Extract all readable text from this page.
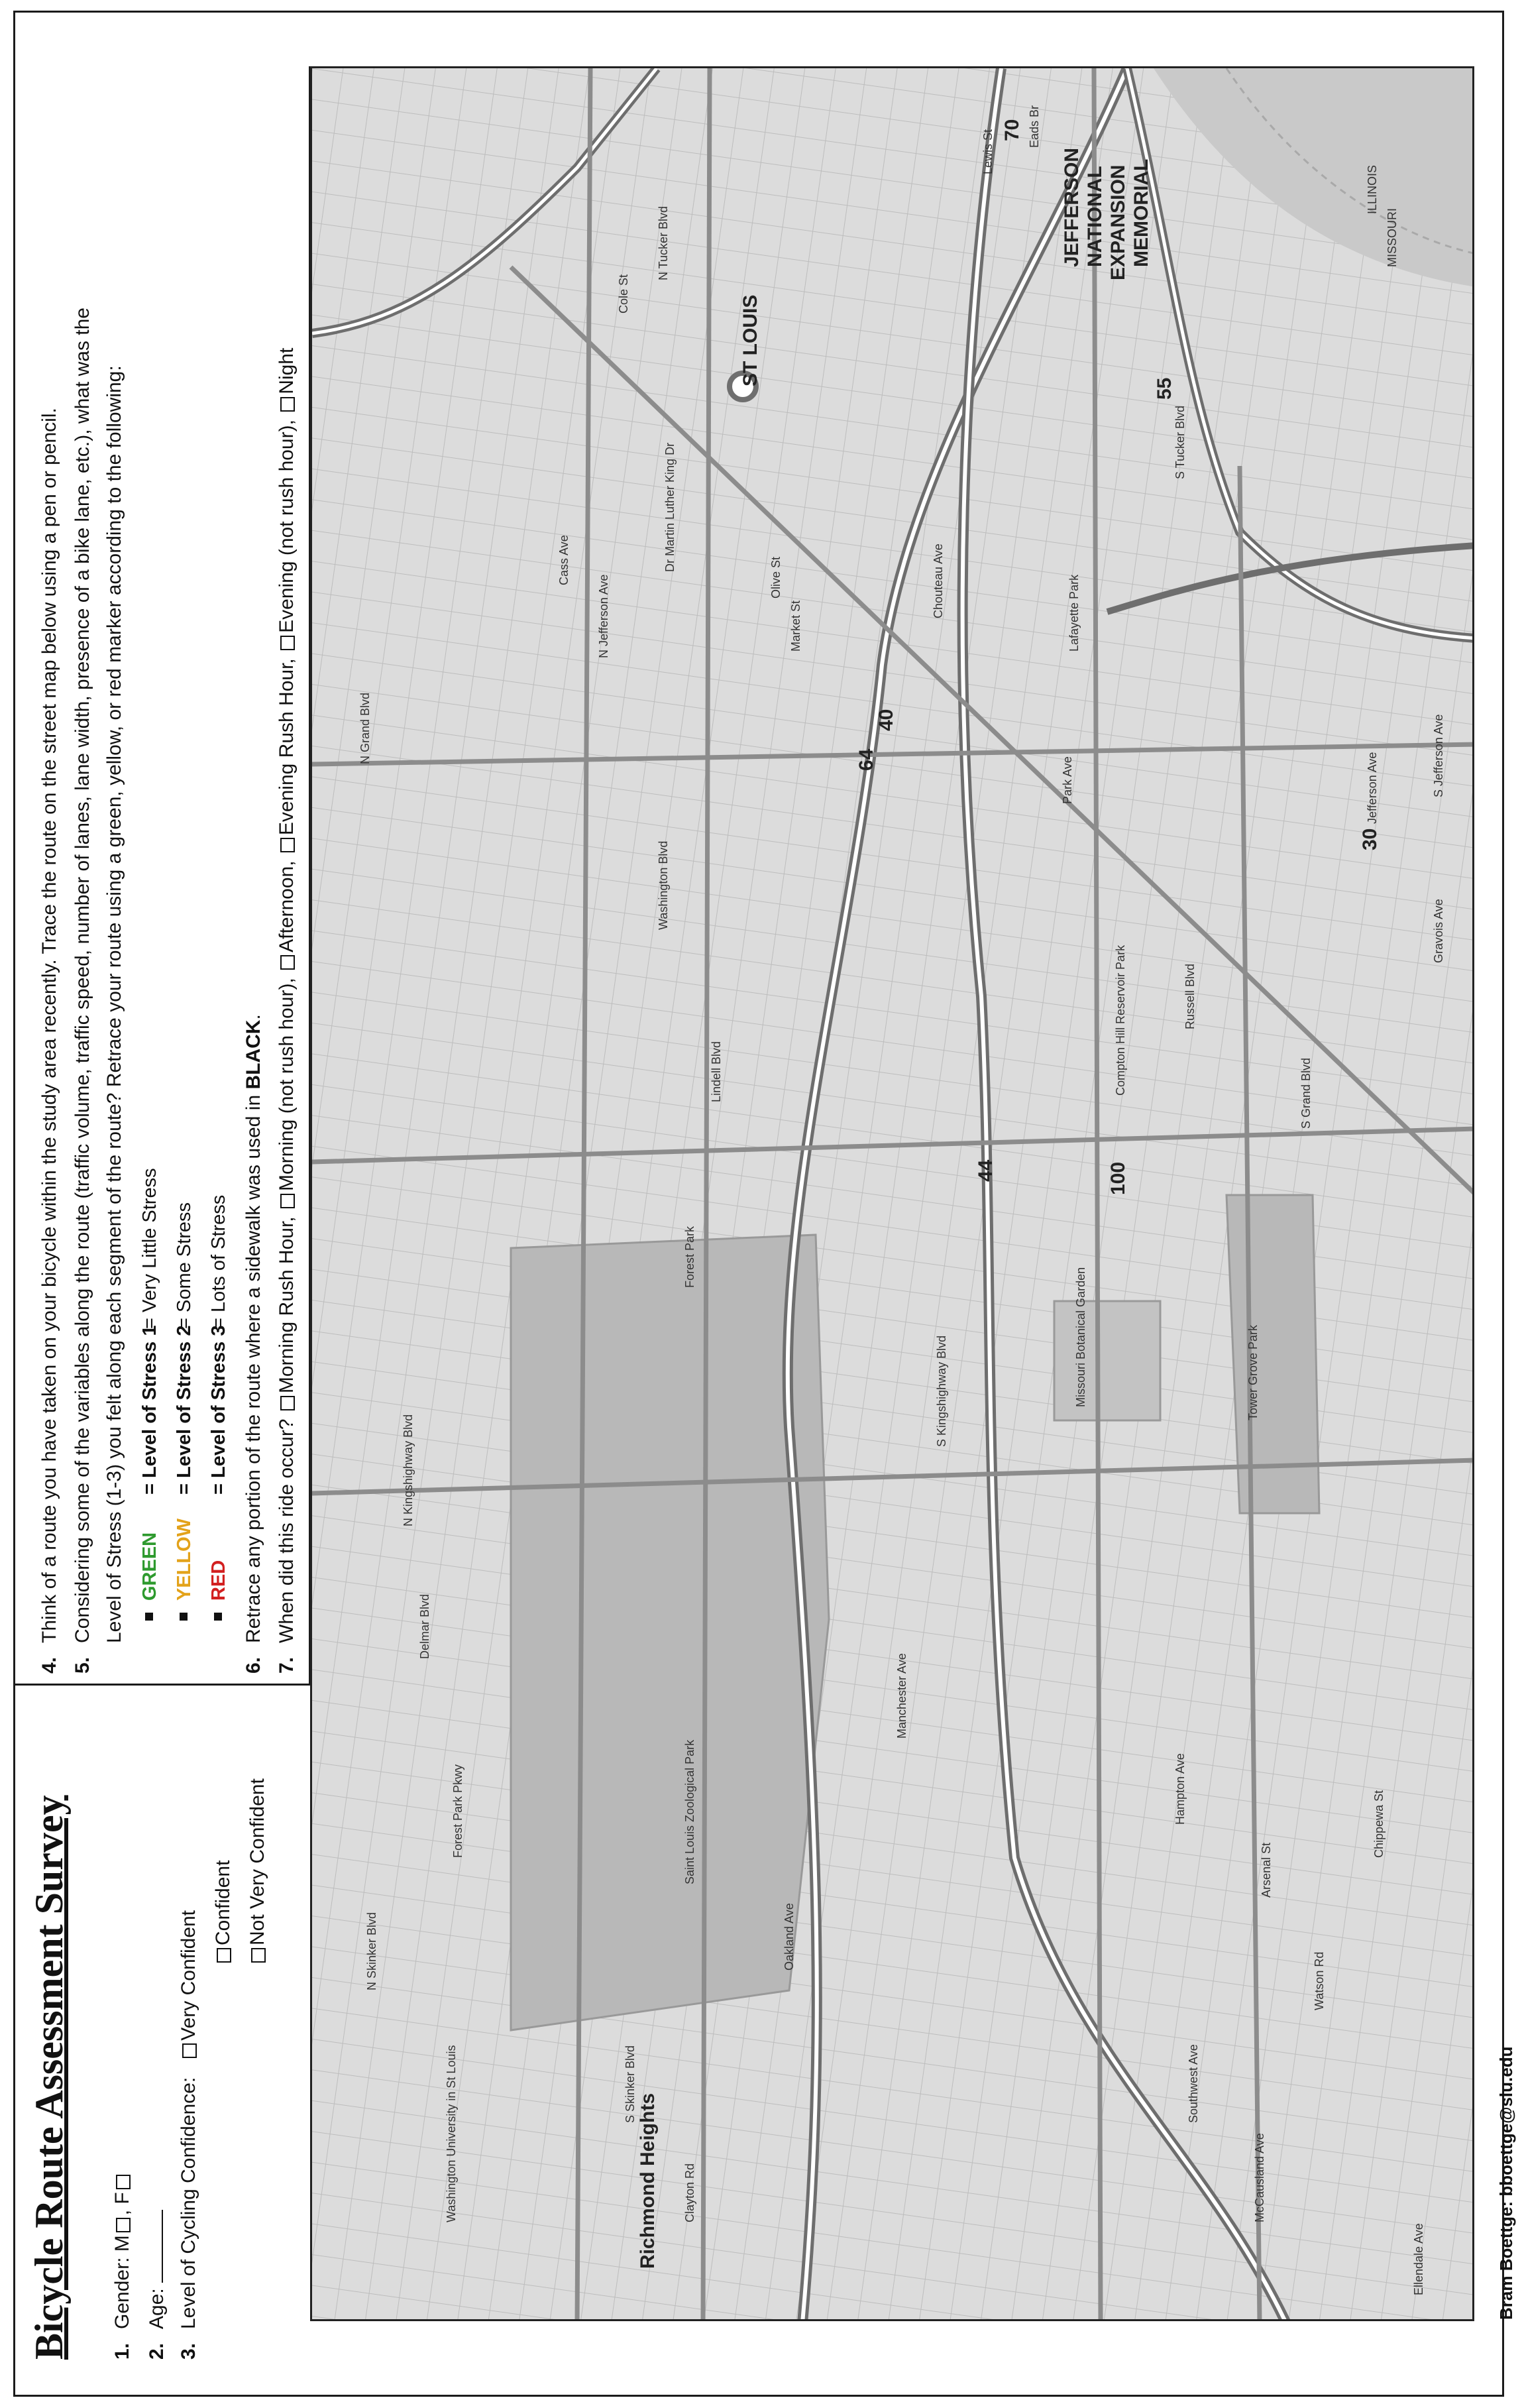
Bicycle Route Assessment Survey 1.Gender: M, F
2.Age:
3.Level of Cycling Confidence:   Very Confident
Confident Not Very Confident
4.Think of a route you have taken on your bicycle within the study area recently. Trace the route on the street map below using a pen or pencil.
5.Considering some of the variables along the route (traffic volume, traffic speed, number of lanes, lane width, presence of a bike lane, etc.), what was the Level of Stress (1-3) you felt along each segment of the route? Retrace your route using a green, yellow, or red marker according to the following: GREEN= Level of Stress 1= Very Little Stress
YELLOW= Level of Stress 2= Some Stress
RED= Level of Stress 3= Lots of Stress
6.Retrace any portion of the route where a sidewalk was used in BLACK.
7.When did this ride occur? Morning Rush Hour, Morning (not rush hour), Afternoon, Evening Rush Hour, Evening (not rush hour), Night	ST LOUIS
JEFFERSON NATIONAL EXPANSION MEMORIAL
Forest Park
Delmar Blvd
Washington Blvd
Lindell Blvd	S Grand Blvd
N Grand Blvd
Chouteau Ave
Park Ave
Russell Blvd
Gravois Ave
S Kingshighway Blvd
N Kingshighway Blvd
Manchester Ave
Arsenal St
Tower Grove Park
Missouri Botanical Garden
Jefferson Ave
Market St
Olive St
Cass Ave
N Jefferson Ave
S Jefferson Ave
Oakland Ave
Clayton Rd
Richmond Heights
Hampton Ave
Southwest Ave
McCausland Ave
S Skinker Blvd
N Skinker Blvd
Forest Park Pkwy
Washington University in St Louis
Saint Louis Zoological Park	Chippewa St
Watson Rd
Compton Hill Reservoir Park
Lafayette Park
Cole St
Dr Martin Luther King Dr
N Tucker Blvd
S Tucker Blvd
Eads Br
Lewis St
ILLINOIS
MISSOURI
Ellendale Ave
40
64
44
55
70
100
30
Bram Boettge: bboettge@slu.edu
